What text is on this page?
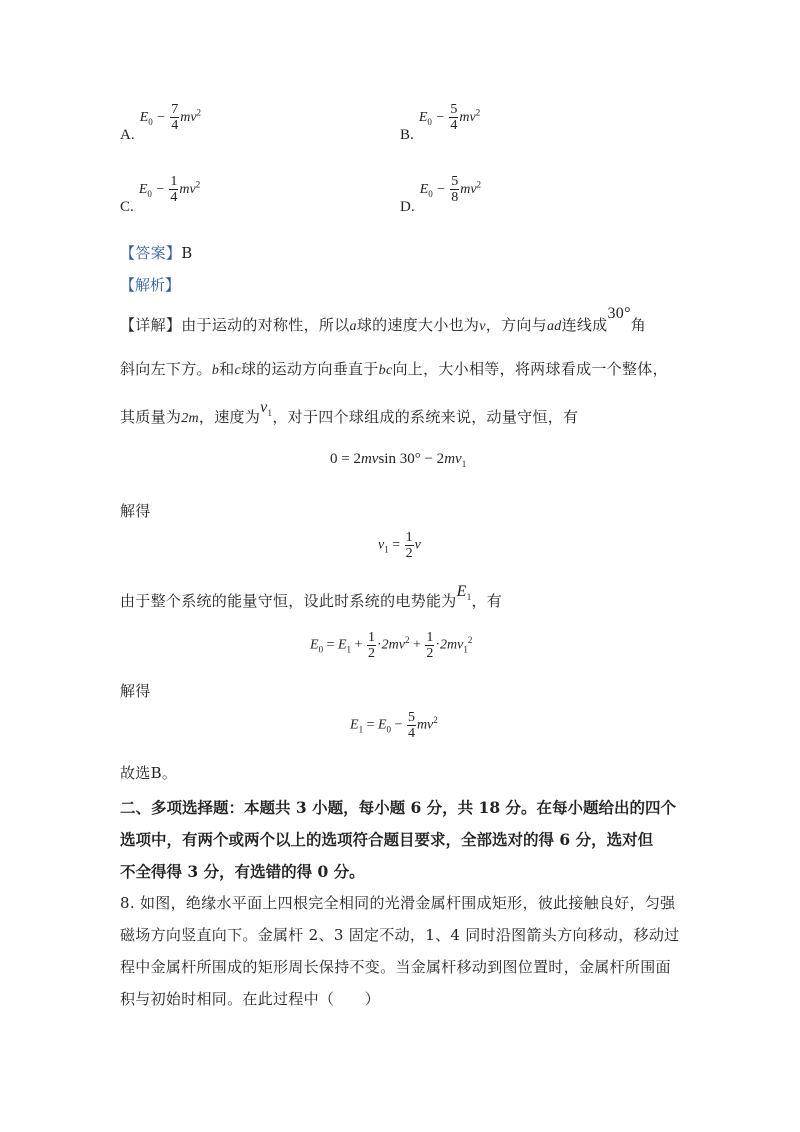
A. $E_0 - \frac{7}{4} mv^2$
B. $E_0 - \frac{5}{4} mv^2$
C. $E_0 - \frac{1}{4} mv^2$
D. $E_0 - \frac{5}{8} mv^2$
【答案】B
【解析】
【详解】由于运动的对称性，所以a球的速度大小也为v，方向与ad连线成30°角
斜向左下方。b和c球的运动方向垂直于bc向上，大小相等，将两球看成一个整体，
其质量为2m，速度为$v_1$，对于四个球组成的系统来说，动量守恒，有
0 = 2mvsin $30^\circ - 2mv_1$
解得
$v_1 = \frac{1}{2}$ v
由于整个系统的能量守恒，设此时系统的电势能为$E_1$，有
$E_0 = E_1 + \frac{1}{2} \cdot 2mv^2 + \frac{1}{2} \cdot 2mv_1^2$
解得
$E_1 = E_0 - \frac{5}{4} mv^2$
故选B。
二、多项选择题：本题共 3 小题，每小题 6 分，共 18 分。在每小题给出的四个
选项中，有两个或两个以上的选项符合题目要求，全部选对的得 6 分，选对但
不全得得 3 分，有选错的得 0 分。
8. 如图，绝缘水平面上四根完全相同的光滑金属杆围成矩形，彼此接触良好，匀强
磁场方向竖直向下。金属杆 2、3 固定不动，1、4 同时沿图箭头方向移动，移动过
程中金属杆所围成的矩形周长保持不变。当金属杆移动到图位置时，金属杆所围面
积与初始时相同。在此过程中（　　）
